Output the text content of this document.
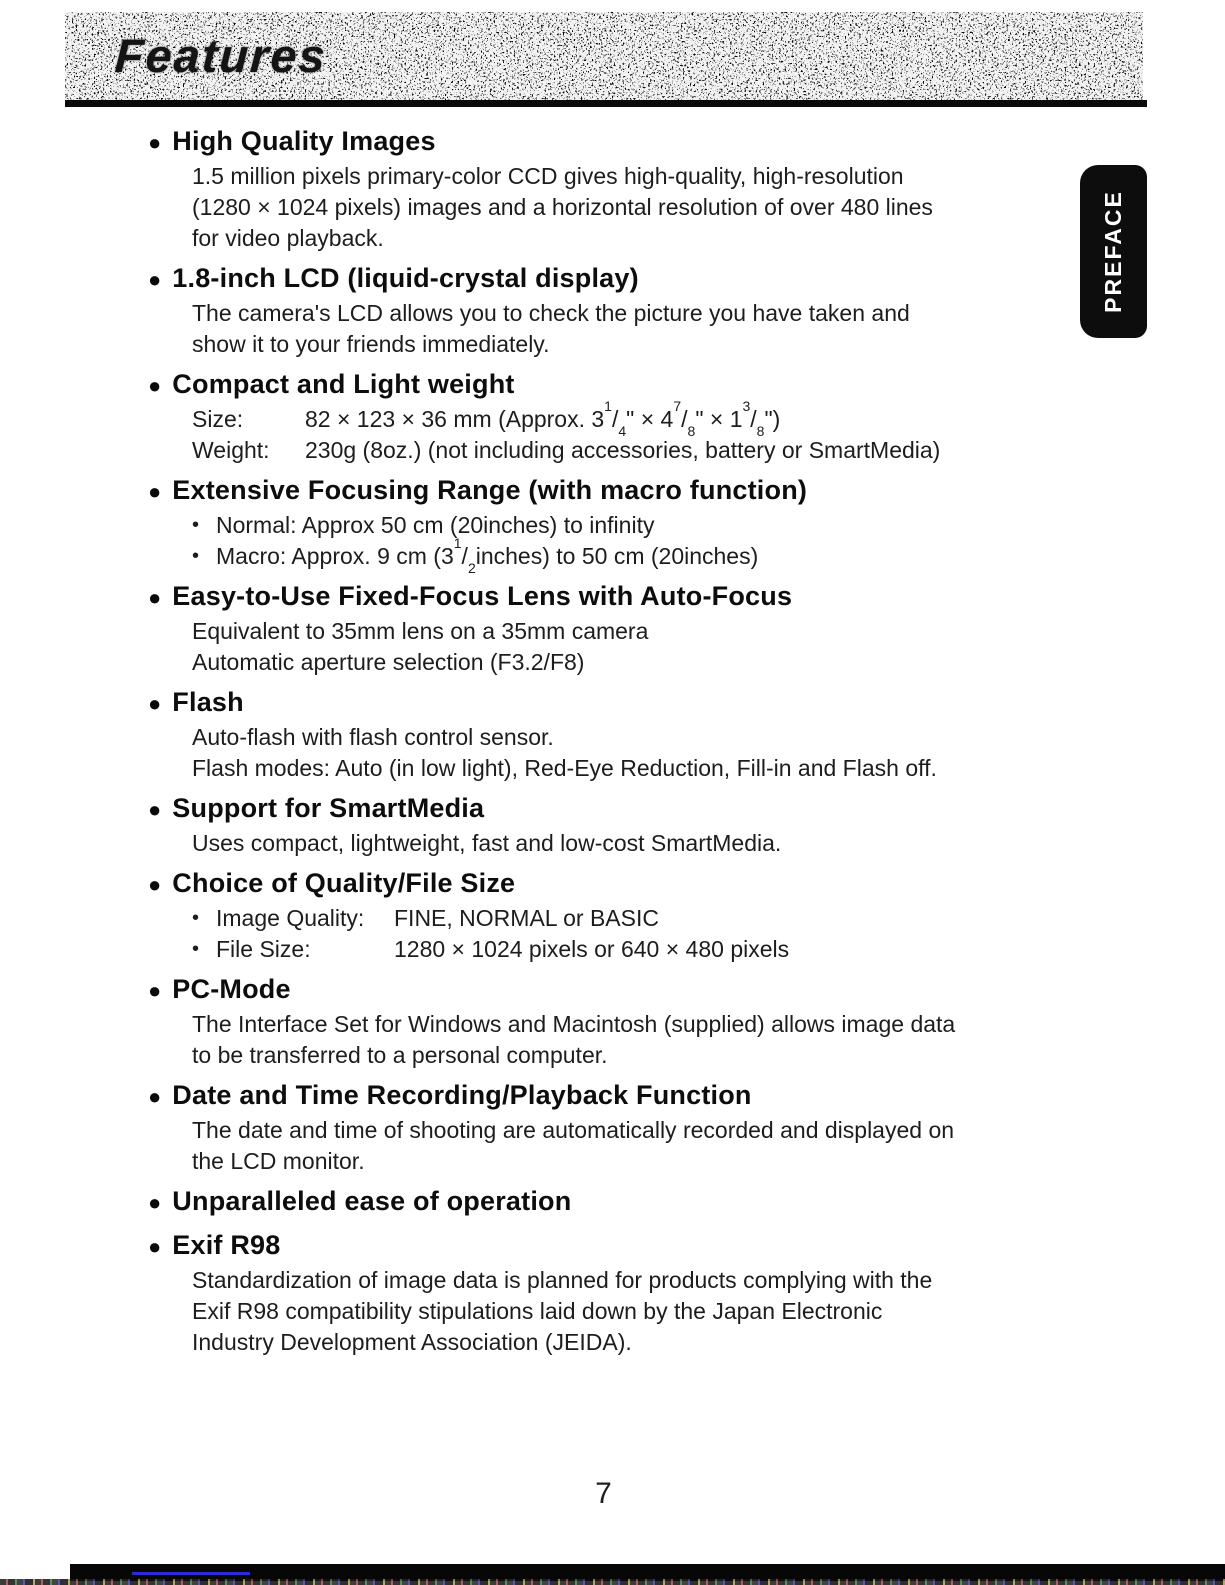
Features
PREFACE
● High Quality Images
1.5 million pixels primary-color CCD gives high-quality, high-resolution
(1280 × 1024 pixels) images and a horizontal resolution of over 480 lines
for video playback.
● 1.8-inch LCD (liquid-crystal display)
The camera's LCD allows you to check the picture you have taken and
show it to your friends immediately.
● Compact and Light weight
Size:	82 × 123 × 36 mm (Approx. $3^1/_4$" × $4^7/_8$" × $1^3/_8$")
Weight:	230g (8oz.) (not including accessories, battery or SmartMedia)
● Extensive Focusing Range (with macro function)
• Normal: Approx 50 cm (20inches) to infinity
• Macro: Approx. 9 cm $(3^1/_2inches)$ to 50 cm (20inches)
● Easy-to-Use Fixed-Focus Lens with Auto-Focus
Equivalent to 35mm lens on a 35mm camera
Automatic aperture selection (F3.2/F8)
● Flash
Auto-flash with flash control sensor.
Flash modes: Auto (in low light), Red-Eye Reduction, Fill-in and Flash off.
● Support for SmartMedia
Uses compact, lightweight, fast and low-cost SmartMedia.
● Choice of Quality/File Size
• Image Quality:	FINE, NORMAL or BASIC
• File Size:	1280 × 1024 pixels or 640 × 480 pixels
● PC-Mode
The Interface Set for Windows and Macintosh (supplied) allows image data
to be transferred to a personal computer.
● Date and Time Recording/Playback Function
The date and time of shooting are automatically recorded and displayed on
the LCD monitor.
● Unparalleled ease of operation
● Exif R98
Standardization of image data is planned for products complying with the
Exif R98 compatibility stipulations laid down by the Japan Electronic
Industry Development Association (JEIDA).
7
